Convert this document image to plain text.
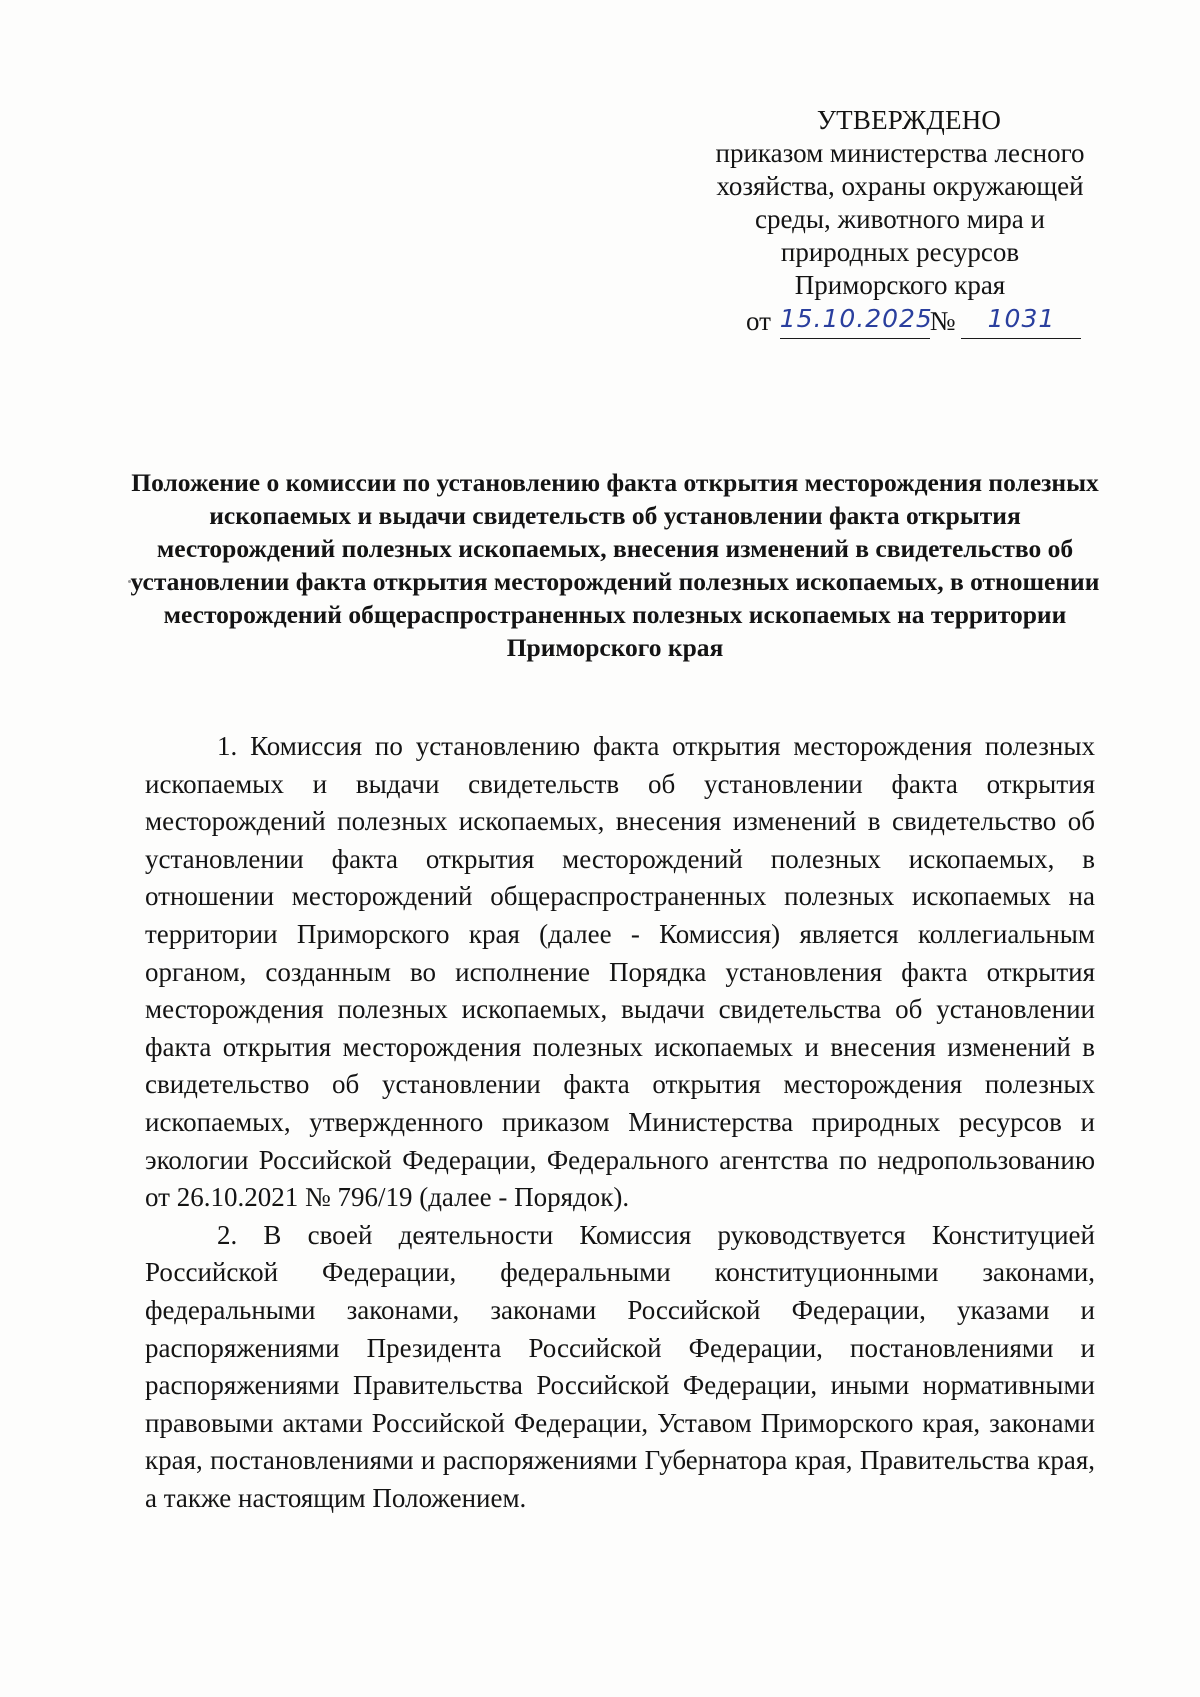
УТВЕРЖДЕНО
приказом министерства лесного
хозяйства, охраны окружающей
среды, животного мира и
природных ресурсов
Приморского края
от 15.10.2025№ 1031
Положение о комиссии по установлению факта открытия месторождения полезных ископаемых и выдачи свидетельств об установлении факта открытия месторождений полезных ископаемых, внесения изменений в свидетельство об установлении факта открытия месторождений полезных ископаемых, в отношении месторождений общераспространенных полезных ископаемых на территории Приморского края

1. Комиссия по установлению факта открытия месторождения полезных ископаемых и выдачи свидетельств об установлении факта открытия месторождений полезных ископаемых, внесения изменений в свидетельство об установлении факта открытия месторождений полезных ископаемых, в отношении месторождений общераспространенных полезных ископаемых на территории Приморского края (далее - Комиссия) является коллегиальным органом, созданным во исполнение Порядка установления факта открытия месторождения полезных ископаемых, выдачи свидетельства об установлении факта открытия месторождения полезных ископаемых и внесения изменений в свидетельство об установлении факта открытия месторождения полезных ископаемых, утвержденного приказом Министерства природных ресурсов и экологии Российской Федерации, Федерального агентства по недропользованию от 26.10.2021 № 796/19 (далее - Порядок).

2. В своей деятельности Комиссия руководствуется Конституцией Российской Федерации, федеральными конституционными законами, федеральными законами, законами Российской Федерации, указами и распоряжениями Президента Российской Федерации, постановлениями и распоряжениями Правительства Российской Федерации, иными нормативными правовыми актами Российской Федерации, Уставом Приморского края, законами края, постановлениями и распоряжениями Губернатора края, Правительства края, а также настоящим Положением.
